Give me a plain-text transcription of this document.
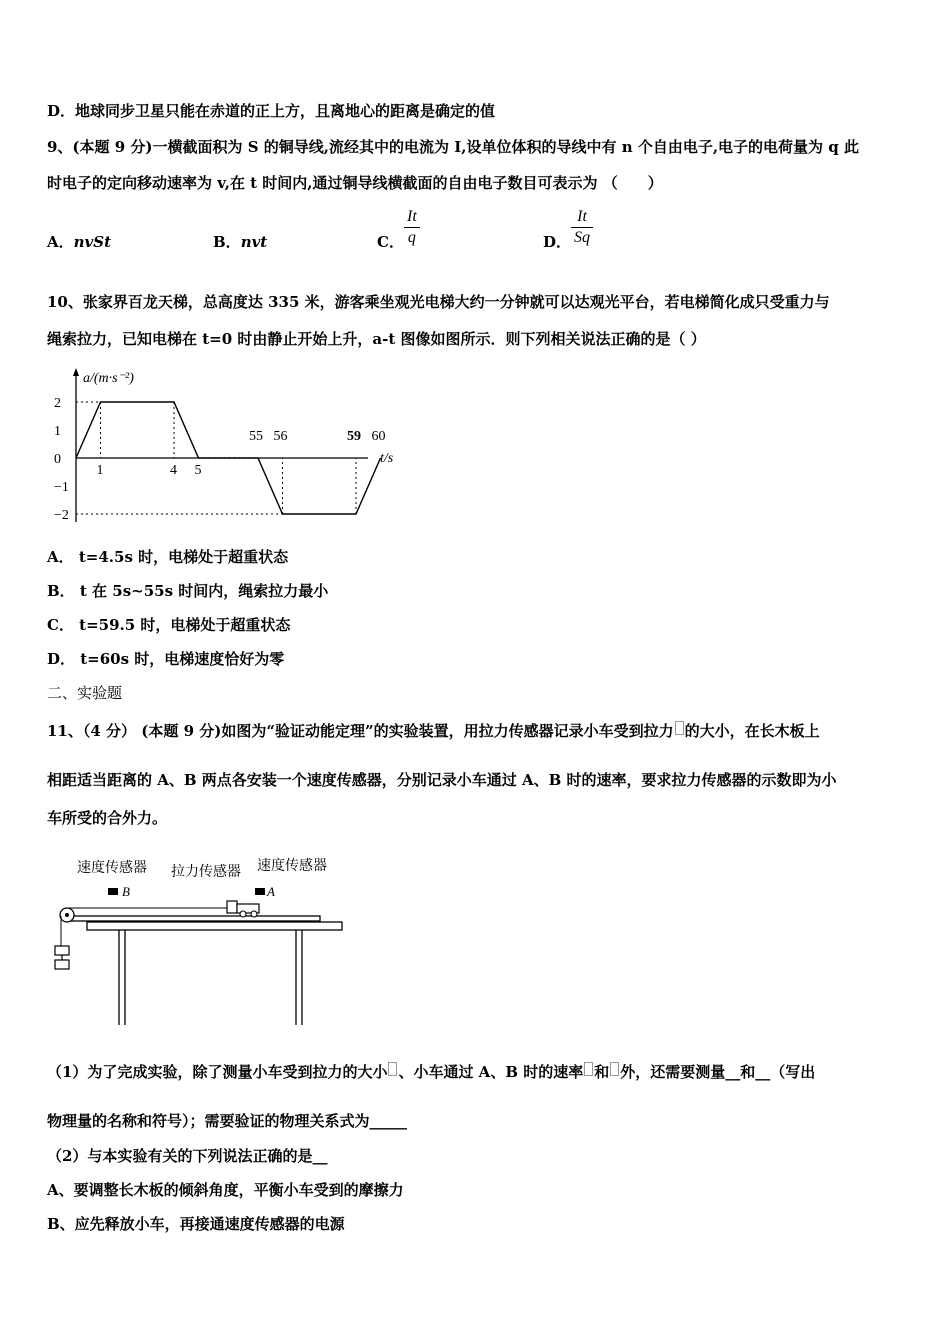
D．地球同步卫星只能在赤道的正上方，且离地心的距离是确定的值
9、(本题 9 分)一横截面积为 S 的铜导线,流经其中的电流为 I,设单位体积的导线中有 n 个自由电子,电子的电荷量为 q 此
时电子的定向移动速率为 v,在 t 时间内,通过铜导线横截面的自由电子数目可表示为 （　　）
A．nvSt	B．nvt	C． $\frac{It}{q}$	D． $\frac{It}{Sq}$
10、张家界百龙天梯，总高度达 335 米，游客乘坐观光电梯大约一分钟就可以达观光平台，若电梯简化成只受重力与
绳索拉力，已知电梯在 t=0 时由静止开始上升，a-t 图像如图所示．则下列相关说法正确的是（ ）
a/(m·s⁻²)
2
1
0
−1
−2
1	4 5
55 56	59 60
t/s
A． t=4.5s 时，电梯处于超重状态
B． t 在 5s~55s 时间内，绳索拉力最小
C． t=59.5 时，电梯处于超重状态
D． t=60s 时，电梯速度恰好为零
二、实验题
11、（4 分） (本题 9 分)如图为“验证动能定理”的实验装置，用拉力传感器记录小车受到拉力 的大小，在长木板上
相距适当距离的 A、B 两点各安装一个速度传感器，分别记录小车通过 A、B 时的速率，要求拉力传感器的示数即为小
车所受的合外力。
速度传感器 拉力传感器 速度传感器
B	A
（1）为了完成实验，除了测量小车受到拉力的大小 、小车通过 A、B 时的速率 和 外，还需要测量__和__（写出
物理量的名称和符号）；需要验证的物理关系式为_____
（2）与本实验有关的下列说法正确的是__
A、要调整长木板的倾斜角度，平衡小车受到的摩擦力
B、应先释放小车，再接通速度传感器的电源
